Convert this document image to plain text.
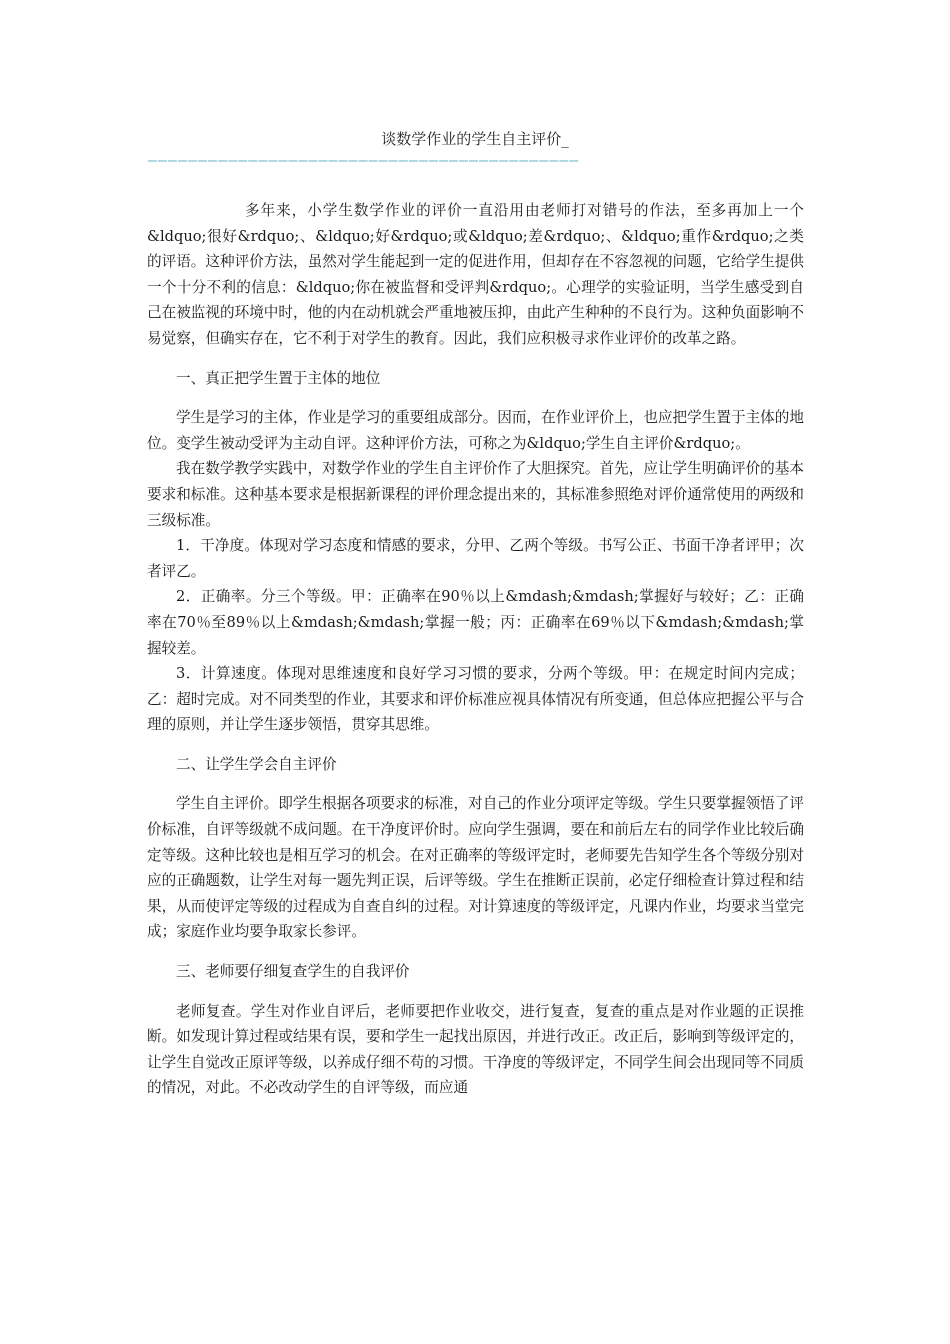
谈数学作业的学生自主评价_
———————————————————————————————————————————

多年来，小学生数学作业的评价一直沿用由老师打对错号的作法，至多再加上一个&ldquo;很好&rdquo;、&ldquo;好&rdquo;或&ldquo;差&rdquo;、&ldquo;重作&rdquo;之类的评语。这种评价方法，虽然对学生能起到一定的促进作用，但却存在不容忽视的问题，它给学生提供一个十分不利的信息：&ldquo;你在被监督和受评判&rdquo;。心理学的实验证明，当学生感受到自己在被监视的环境中时，他的内在动机就会严重地被压抑，由此产生种种的不良行为。这种负面影响不易觉察，但确实存在，它不利于对学生的教育。因此，我们应积极寻求作业评价的改革之路。

一、真正把学生置于主体的地位

学生是学习的主体，作业是学习的重要组成部分。因而，在作业评价上，也应把学生置于主体的地位。变学生被动受评为主动自评。这种评价方法，可称之为&ldquo;学生自主评价&rdquo;。

我在数学教学实践中，对数学作业的学生自主评价作了大胆探究。首先，应让学生明确评价的基本要求和标准。这种基本要求是根据新课程的评价理念提出来的，其标准参照绝对评价通常使用的两级和三级标准。

1．干净度。体现对学习态度和情感的要求，分甲、乙两个等级。书写公正、书面干净者评甲；次者评乙。

2．正确率。分三个等级。甲：正确率在90％以上&mdash;&mdash;掌握好与较好；乙：正确率在70％至89％以上&mdash;&mdash;掌握一般；丙：正确率在69％以下&mdash;&mdash;掌握较差。

3．计算速度。体现对思维速度和良好学习习惯的要求，分两个等级。甲：在规定时间内完成；乙：超时完成。对不同类型的作业，其要求和评价标准应视具体情况有所变通，但总体应把握公平与合理的原则，并让学生逐步领悟，贯穿其思维。

二、让学生学会自主评价

学生自主评价。即学生根据各项要求的标准，对自己的作业分项评定等级。学生只要掌握领悟了评价标准，自评等级就不成问题。在干净度评价时。应向学生强调，要在和前后左右的同学作业比较后确定等级。这种比较也是相互学习的机会。在对正确率的等级评定时，老师要先告知学生各个等级分别对应的正确题数，让学生对每一题先判正误，后评等级。学生在推断正误前，必定仔细检查计算过程和结果，从而使评定等级的过程成为自查自纠的过程。对计算速度的等级评定，凡课内作业，均要求当堂完成；家庭作业均要争取家长参评。

三、老师要仔细复查学生的自我评价

老师复查。学生对作业自评后，老师要把作业收交，进行复查，复查的重点是对作业题的正误推断。如发现计算过程或结果有误，要和学生一起找出原因，并进行改正。改正后，影响到等级评定的，让学生自觉改正原评等级，以养成仔细不苟的习惯。干净度的等级评定，不同学生间会出现同等不同质的情况，对此。不必改动学生的自评等级，而应通
